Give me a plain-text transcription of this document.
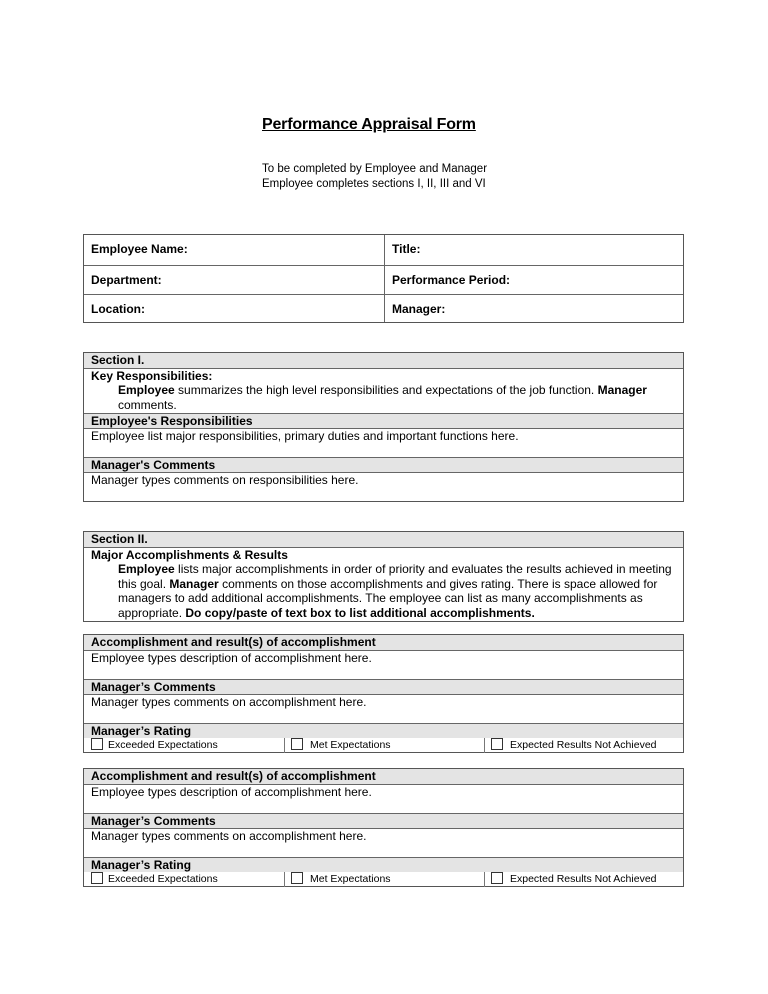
Performance Appraisal Form
To be completed by Employee and Manager
Employee completes sections I, II, III and VI
Employee Name:	Title:
Department:	Performance Period:
Location:	Manager:
Section I.
Key Responsibilities:
Employee summarizes the high level responsibilities and expectations of the job function. Manager comments.
Employee's Responsibilities
Employee list major responsibilities, primary duties and important functions here.
Manager's Comments
Manager types comments on responsibilities here.
Section II.
Major Accomplishments & Results
Employee lists major accomplishments in order of priority and evaluates the results achieved in meeting this goal. Manager comments on those accomplishments and gives rating. There is space allowed for managers to add additional accomplishments. The employee can list as many accomplishments as appropriate. Do copy/paste of text box to list additional accomplishments.
Accomplishment and result(s) of accomplishment
Employee types description of accomplishment here.
Manager’s Comments
Manager types comments on accomplishment here.
Manager’s Rating
Exceeded Expectations	Met Expectations	Expected Results Not Achieved
Accomplishment and result(s) of accomplishment
Employee types description of accomplishment here.
Manager’s Comments
Manager types comments on accomplishment here.
Manager’s Rating
Exceeded Expectations	Met Expectations	Expected Results Not Achieved
